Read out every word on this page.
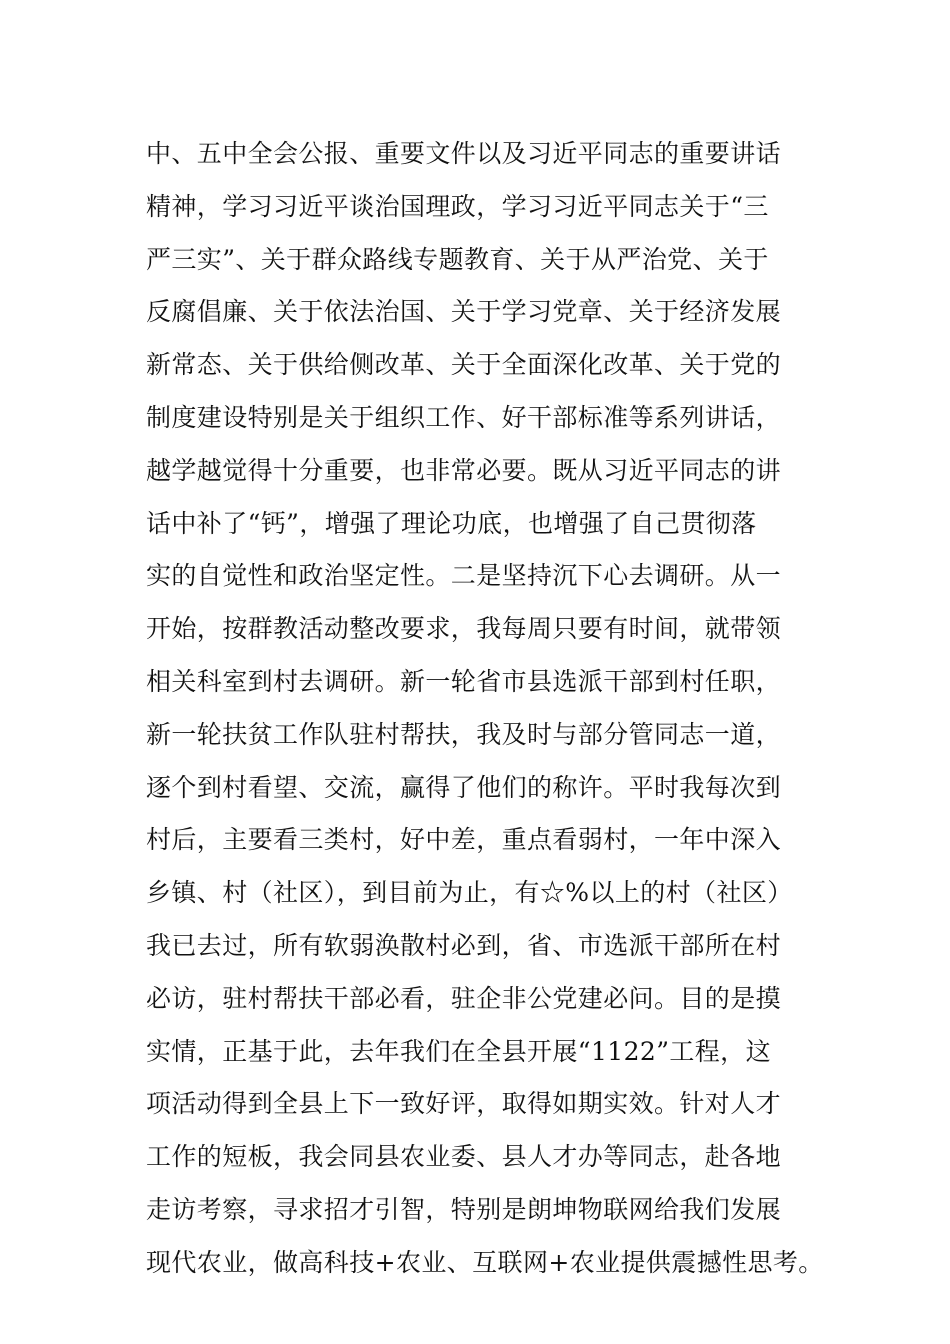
中、五中全会公报、重要文件以及习近平同志的重要讲话
精神，学习习近平谈治国理政，学习习近平同志关于“三
严三实”、关于群众路线专题教育、关于从严治党、关于
反腐倡廉、关于依法治国、关于学习党章、关于经济发展
新常态、关于供给侧改革、关于全面深化改革、关于党的
制度建设特别是关于组织工作、好干部标准等系列讲话，
越学越觉得十分重要，也非常必要。既从习近平同志的讲
话中补了“钙”，增强了理论功底，也增强了自己贯彻落
实的自觉性和政治坚定性。二是坚持沉下心去调研。从一
开始，按群教活动整改要求，我每周只要有时间，就带领
相关科室到村去调研。新一轮省市县选派干部到村任职，
新一轮扶贫工作队驻村帮扶，我及时与部分管同志一道，
逐个到村看望、交流，赢得了他们的称许。平时我每次到
村后，主要看三类村，好中差，重点看弱村，一年中深入
乡镇、村（社区），到目前为止，有☆%以上的村（社区）
我已去过，所有软弱涣散村必到，省、市选派干部所在村
必访，驻村帮扶干部必看，驻企非公党建必问。目的是摸
实情，正基于此，去年我们在全县开展“1122”工程，这
项活动得到全县上下一致好评，取得如期实效。针对人才
工作的短板，我会同县农业委、县人才办等同志，赴各地
走访考察，寻求招才引智，特别是朗坤物联网给我们发展
现代农业，做高科技+农业、互联网+农业提供震撼性思考。
